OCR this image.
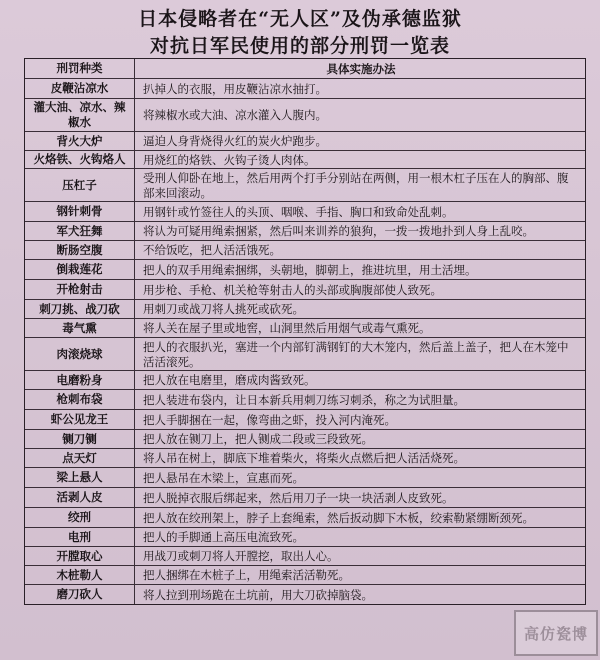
日本侵略者在“无人区”及伪承德监狱
对抗日军民使用的部分刑罚一览表
刑罚种类	具体实施办法
皮鞭沾凉水	扒掉人的衣服，用皮鞭沾凉水抽打。
灌大油、凉水、辣椒水	将辣椒水或大油、凉水灌入人腹内。
背火大炉	逼迫人身背烧得火红的炭火炉跑步。
火烙铁、火钩烙人	用烧红的烙铁、火钩子烫人肉体。
压杠子	受刑人仰卧在地上，然后用两个打手分别站在两侧，用一根木杠子压在人的胸部、腹部来回滚动。
钢针刺骨	用钢针或竹签往人的头顶、咽喉、手指、胸口和致命处乱刺。
军犬狂舞	将认为可疑用绳索捆紧，然后叫来训养的狼狗，一拨一拨地扑到人身上乱咬。
断肠空腹	不给饭吃，把人活活饿死。
倒栽莲花	把人的双手用绳索捆绑，头朝地，脚朝上，推进坑里，用土活埋。
开枪射击	用步枪、手枪、机关枪等射击人的头部或胸腹部使人致死。
刺刀挑、战刀砍	用刺刀或战刀将人挑死或砍死。
毒气熏	将人关在屋子里或地窖，山洞里然后用烟气或毒气熏死。
肉滚烧球	把人的衣服扒光，塞进一个内部钉满钢钉的大木笼内，然后盖上盖子，把人在木笼中活活滚死。
电磨粉身	把人放在电磨里，磨成肉酱致死。
枪刺布袋	把人装进布袋内，让日本新兵用刺刀练习刺杀，称之为试胆量。
虾公见龙王	把人手脚捆在一起，像弯曲之虾，投入河内淹死。
铡刀铡	把人放在铡刀上，把人铡成二段或三段致死。
点天灯	将人吊在树上，脚底下堆着柴火，将柴火点燃后把人活活烧死。
梁上悬人	把人悬吊在木梁上，宣惠而死。
活剥人皮	把人脱掉衣服后绑起来，然后用刀子一块一块活剥人皮致死。
绞刑	把人放在绞刑架上，脖子上套绳索，然后扳动脚下木板，绞索勒紧绷断颈死。
电刑	把人的手脚通上高压电流致死。
开膛取心	用战刀或刺刀将人开膛挖，取出人心。
木桩勒人	把人捆绑在木桩子上，用绳索活活勒死。
磨刀砍人	将人拉到刑场跪在土坑前，用大刀砍掉脑袋。
高仿瓷博
